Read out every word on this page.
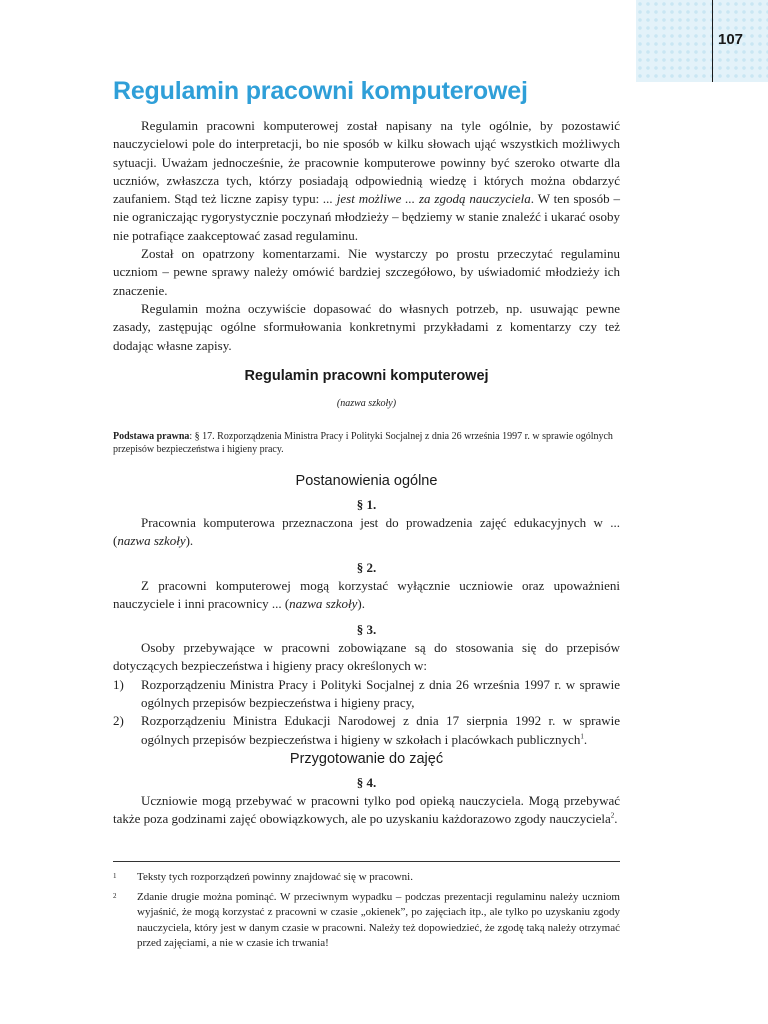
107
Regulamin pracowni komputerowej

Regulamin pracowni komputerowej został napisany na tyle ogólnie, by pozostawić nauczycielowi pole do interpretacji, bo nie sposób w kilku słowach ująć wszystkich możliwych sytuacji. Uważam jednocześnie, że pracownie komputerowe powinny być szeroko otwarte dla uczniów, zwłaszcza tych, którzy posiadają odpowiednią wiedzę i których można obdarzyć zaufaniem. Stąd też liczne zapisy typu: ... jest możliwe ... za zgodą nauczyciela. W ten sposób – nie ograniczając rygorystycznie poczynań młodzieży – będziemy w stanie znaleźć i ukarać osoby nie potrafiące zaakceptować zasad regulaminu.

Został on opatrzony komentarzami. Nie wystarczy po prostu przeczytać regulaminu uczniom – pewne sprawy należy omówić bardziej szczegółowo, by uświadomić młodzieży ich znaczenie.

Regulamin można oczywiście dopasować do własnych potrzeb, np. usuwając pewne zasady, zastępując ogólne sformułowania konkretnymi przykładami z komentarzy czy też dodając własne zapisy.

Regulamin pracowni komputerowej
(nazwa szkoły)
Podstawa prawna: § 17. Rozporządzenia Ministra Pracy i Polityki Socjalnej z dnia 26 września 1997 r. w sprawie ogólnych przepisów bezpieczeństwa i higieny pracy.
Postanowienia ogólne
§ 1.

Pracownia komputerowa przeznaczona jest do prowadzenia zajęć edukacyjnych w ... (nazwa szkoły).

§ 2.

Z pracowni komputerowej mogą korzystać wyłącznie uczniowie oraz upoważnieni nauczyciele i inni pracownicy ... (nazwa szkoły).

§ 3.

Osoby przebywające w pracowni zobowiązane są do stosowania się do przepisów dotyczących bezpieczeństwa i higieny pracy określonych w:

1)	Rozporządzeniu Ministra Pracy i Polityki Socjalnej z dnia 26 września 1997 r. w sprawie ogólnych przepisów bezpieczeństwa i higieny pracy,
2)	Rozporządzeniu Ministra Edukacji Narodowej z dnia 17 sierpnia 1992 r. w sprawie ogólnych przepisów bezpieczeństwa i higieny w szkołach i placówkach publicznych$^1$.
Przygotowanie do zajęć
§ 4.

Uczniowie mogą przebywać w pracowni tylko pod opieką nauczyciela. Mogą przebywać także poza godzinami zajęć obowiązkowych, ale po uzyskaniu każdorazowo zgody nauczyciela$^2$.

1	Teksty tych rozporządzeń powinny znajdować się w pracowni.
2	Zdanie drugie można pominąć. W przeciwnym wypadku – podczas prezentacji regulaminu należy uczniom wyjaśnić, że mogą korzystać z pracowni w czasie „okienek”, po zajęciach itp., ale tylko po uzyskaniu zgody nauczyciela, który jest w danym czasie w pracowni. Należy też dopowiedzieć, że zgodę taką należy otrzymać przed zajęciami, a nie w czasie ich trwania!
